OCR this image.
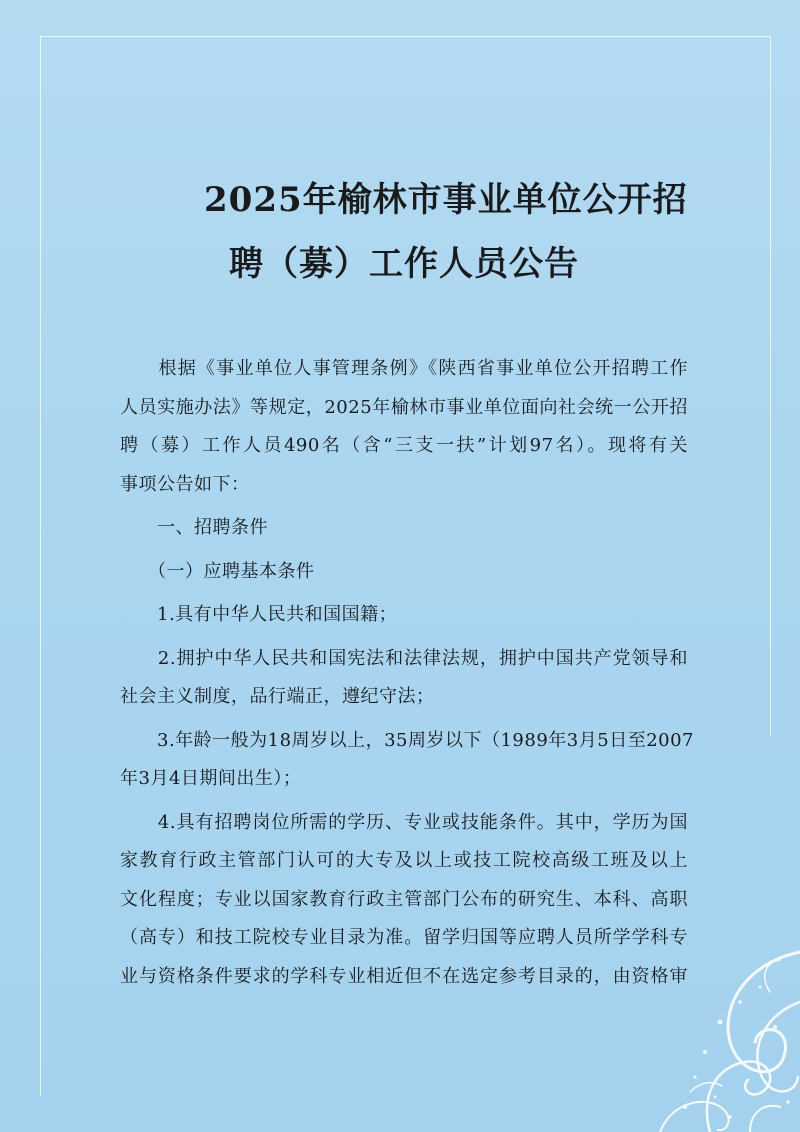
2025年榆林市事业单位公开招
聘（募）工作人员公告
　　根据《事业单位人事管理条例》《陕西省事业单位公开招聘工作
人员实施办法》等规定，2025年榆林市事业单位面向社会统一公开招
聘（募）工作人员490名（含“三支一扶”计划97名）。现将有关
事项公告如下：
　　一、招聘条件
　　（一）应聘基本条件
　　1.具有中华人民共和国国籍；
　　2.拥护中华人民共和国宪法和法律法规，拥护中国共产党领导和
社会主义制度，品行端正，遵纪守法；
　　3.年龄一般为18周岁以上，35周岁以下（1989年3月5日至2007
年3月4日期间出生）；
　　4.具有招聘岗位所需的学历、专业或技能条件。其中，学历为国
家教育行政主管部门认可的大专及以上或技工院校高级工班及以上
文化程度；专业以国家教育行政主管部门公布的研究生、本科、高职
（高专）和技工院校专业目录为准。留学归国等应聘人员所学学科专
业与资格条件要求的学科专业相近但不在选定参考目录的，由资格审
